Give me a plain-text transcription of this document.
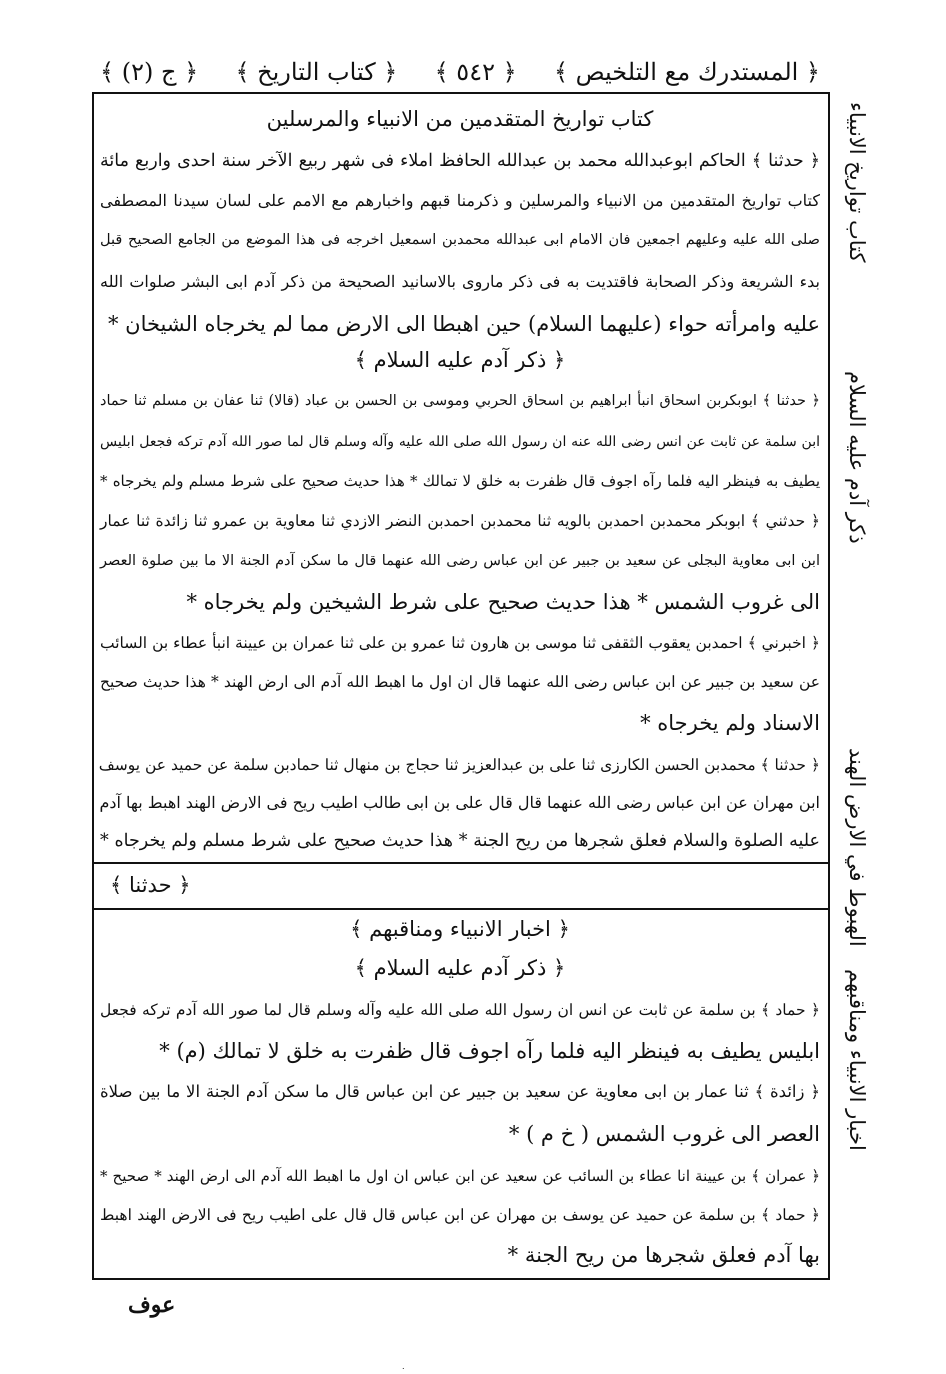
﴿ المستدرك مع التلخيص ﴾
﴿ ٥٤٢ ﴾
﴿ كتاب التاريخ ﴾
﴿ ج (٢) ﴾
كتاب تواريخ الانبياء
ذكر آدم عليه السلام
الهبوط في الارض الهند
اخبار الانبياء ومناقبهم
كتاب تواريخ المتقدمين من الانبياء والمرسلين
﴿ حدثنا ﴾ الحاكم ابوعبدالله محمد بن عبدالله الحافظ املاء فى شهر ربيع الآخر سنة احدى واربع مائة
كتاب تواريخ المتقدمين من الانبياء والمرسلين و ذكرمنا قبهم واخبارهم مع الامم على لسان سيدنا المصطفى
صلى الله عليه وعليهم اجمعين فان الامام ابى عبدالله محمدبن اسمعيل اخرجه فى هذا الموضع من الجامع الصحيح قبل
بدء الشريعة وذكر الصحابة فاقتديت به فى ذكر ماروى بالاسانيد الصحيحة من ذكر آدم ابى البشر صلوات الله
عليه وامرأته حواء (عليهما السلام) حين اهبطا الى الارض مما لم يخرجاه الشيخان *
﴿ ذكر آدم عليه السلام ﴾
﴿ حدثنا ﴾ ابوبكربن اسحاق انبأ ابراهيم بن اسحاق الحربي وموسى بن الحسن بن عباد (قالا) ثنا عفان بن مسلم ثنا حماد
ابن سلمة عن ثابت عن انس رضى الله عنه ان رسول الله صلى الله عليه وآله وسلم قال لما صور الله آدم تركه فجعل ابليس
يطيف به فينظر اليه فلما رآه اجوف قال ظفرت به خلق لا تمالك * هذا حديث صحيح على شرط مسلم ولم يخرجاه *
﴿ حدثني ﴾ ابوبكر محمدبن احمدبن بالويه ثنا محمدبن احمدبن النضر الازدي ثنا معاوية بن عمرو ثنا زائدة ثنا عمار
ابن ابى معاوية البجلى عن سعيد بن جبير عن ابن عباس رضى الله عنهما قال ما سكن آدم الجنة الا ما بين صلوة العصر
الى غروب الشمس * هذا حديث صحيح على شرط الشيخين ولم يخرجاه *
﴿ اخبرني ﴾ احمدبن يعقوب الثقفى ثنا موسى بن هارون ثنا عمرو بن على ثنا عمران بن عيينة انبأ عطاء بن السائب
عن سعيد بن جبير عن ابن عباس رضى الله عنهما قال ان اول ما اهبط الله آدم الى ارض الهند * هذا حديث صحيح
الاسناد ولم يخرجاه *
﴿ حدثنا ﴾ محمدبن الحسن الكارزى ثنا على بن عبدالعزيز ثنا حجاج بن منهال ثنا حمادبن سلمة عن حميد عن يوسف
ابن مهران عن ابن عباس رضى الله عنهما قال قال على بن ابى طالب اطيب ريح فى الارض الهند اهبط بها آدم
عليه الصلوة والسلام فعلق شجرها من ريح الجنة * هذا حديث صحيح على شرط مسلم ولم يخرجاه *
﴿ حدثنا ﴾
﴿ اخبار الانبياء ومناقبهم ﴾
﴿ ذكر آدم عليه السلام ﴾
﴿ حماد ﴾ بن سلمة عن ثابت عن انس ان رسول الله صلى الله عليه وآله وسلم قال لما صور الله آدم تركه فجعل
ابليس يطيف به فينظر اليه فلما رآه اجوف قال ظفرت به خلق لا تمالك (م) *
﴿ زائدة ﴾ ثنا عمار بن ابى معاوية عن سعيد بن جبير عن ابن عباس قال ما سكن آدم الجنة الا ما بين صلاة
العصر الى غروب الشمس ( خ م ) *
﴿ عمران ﴾ بن عيينة انا عطاء بن السائب عن سعيد عن ابن عباس ان اول ما اهبط الله آدم الى ارض الهند * صحيح *
﴿ حماد ﴾ بن سلمة عن حميد عن يوسف بن مهران عن ابن عباس قال قال على اطيب ريح فى الارض الهند اهبط
بها آدم فعلق شجرها من ريح الجنة *
عوف
.
